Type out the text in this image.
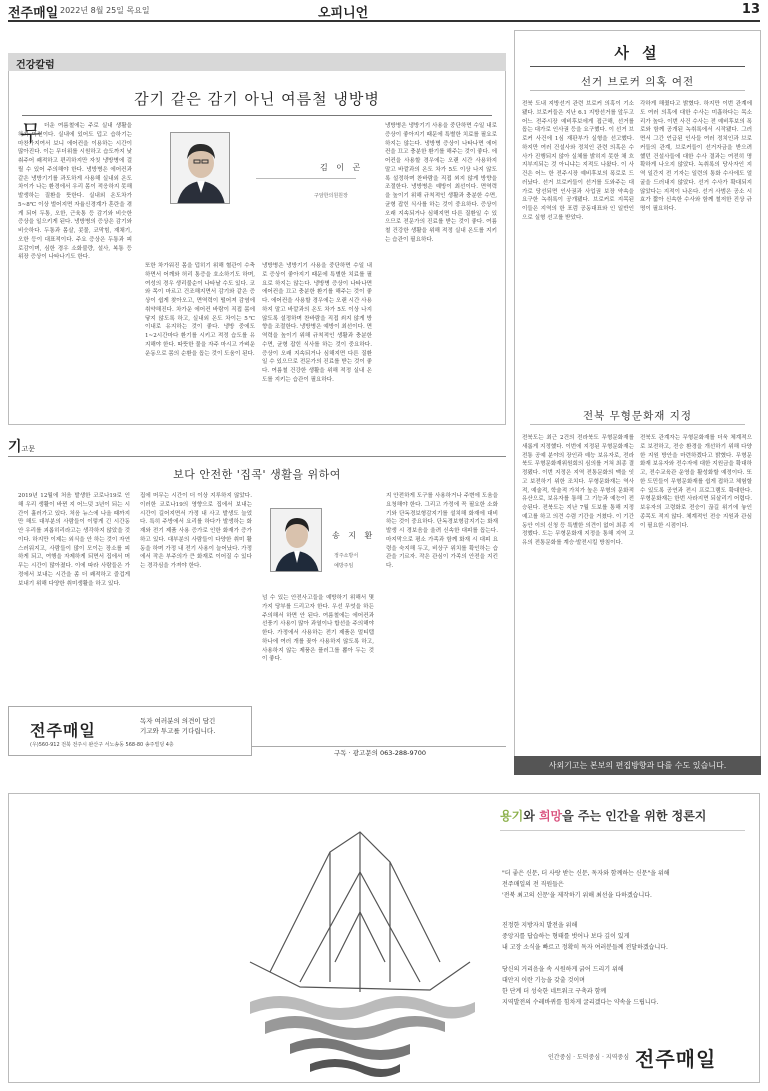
전주매일 2022년 8월 25일 목요일	오피니언	13
건강칼럼
감기 같은 감기 아닌 여름철 냉방병
무 더운 여름철에는 주로 실내 생활을 하기 마련이다. 실내에 있어도 덥고 습하기는 마찬가지여서 보니 에어컨을 이용하는 시간이 많아진다. 이는 무더위를 시원하고 습도까지 낮춰주어 쾌적하고 편리하지만 자칫 냉방병에 걸릴 수 있어 주의해야 한다. 냉방병은 에어컨과 같은 냉방기기를 과도하게 사용해 실내외 온도 차이가 나는 환경에서 우리 몸이 적응하지 못해 발생하는 질환을 뜻한다. 실내외 온도차가 5~8℃ 이상 벌어지면 자율신경계가 혼란을 겪게 되어 두통, 오한, 근육통 등 감기와 비슷한 증상을 일으키게 된다. 냉방병의 증상은 감기와 비슷하다. 두통과 몸살, 콧물, 코막힘, 재채기, 오한 등이 대표적이다. 주요 증상은 두통과 피로감이며, 심한 경우 소화불량, 설사, 복통 등 위장 증상이 나타나기도 한다.
김 이 곤
구암한의원원장
또한 차가워진 몸을 덥히기 위해 혈관이 수축하면서 어깨와 허리 통증을 호소하기도 하며, 여성의 경우 생리불순이 나타날 수도 있다. 코와 목이 마르고 건조해지면서 감기와 같은 증상이 쉽게 찾아오고, 면역력이 떨어져 감염에 취약해진다. 차가운 에어컨 바람이 직접 몸에 닿지 않도록 하고, 실내외 온도 차이는 5℃ 이내로 유지하는 것이 좋다. 냉방 중에도 1~2시간마다 환기를 시키고 적정 습도를 유지해야 한다. 따뜻한 물을 자주 마시고 가벼운 운동으로 몸의 순환을 돕는 것이 도움이 된다.
냉방병은 냉방기기 사용을 중단하면 수일 내로 증상이 좋아지기 때문에 특별한 치료를 필요로 하지는 않는다. 냉방병 증상이 나타나면 에어컨을 끄고 충분한 환기를 해주는 것이 좋다. 에어컨을 사용할 경우에는 오랜 시간 사용하지 말고 바깥과의 온도 차가 5도 이상 나지 않도록 설정하며 찬바람을 직접 쐬지 않게 방향을 조절한다. 냉방병은 예방이 최선이다. 면역력을 높이기 위해 규칙적인 생활과 충분한 수면, 균형 잡힌 식사를 하는 것이 중요하다. 증상이 오래 지속되거나 심해지면 다른 질환일 수 있으므로 전문가의 진료를 받는 것이 좋다. 여름철 건강한 생활을 위해 적정 실내 온도를 지키는 습관이 필요하다.
냉방병은 냉방기기 사용을 중단하면 수일 내로 증상이 좋아지기 때문에 특별한 치료를 필요로 하지는 않는다. 냉방병 증상이 나타나면 에어컨을 끄고 충분한 환기를 해주는 것이 좋다. 에어컨을 사용할 경우에는 오랜 시간 사용하지 말고 바깥과의 온도 차가 5도 이상 나지 않도록 설정하며 찬바람을 직접 쐬지 않게 방향을 조절한다. 냉방병은 예방이 최선이다. 면역력을 높이기 위해 규칙적인 생활과 충분한 수면, 균형 잡힌 식사를 하는 것이 중요하다. 증상이 오래 지속되거나 심해지면 다른 질환일 수 있으므로 전문가의 진료를 받는 것이 좋다. 여름철 건강한 생활을 위해 적정 실내 온도를 지키는 습관이 필요하다.
사 설
선거 브로커 의혹 여전
전북 도내 지방선거 관련 브로커 의혹이 기소됐다. 브로커들은 지난 6.1 지방선거를 앞두고 어느 전주시장 예비후보에게 접근해, 선거를 돕는 대가로 인사권 등을 요구했다. 이 선거 브로커 사건에 1심 재판부가 실형을 선고했다. 하지만 여러 건설사와 정치인 관련 의혹은 수사가 진행되지 않아 실체를 밝히지 못한 채 흐지부지되는 것 아니냐는 지적도 나왔다. 이 사건은 어느 한 전주시장 예비후보의 폭로로 드러났다. 선거 브로커들이 선거를 도와주는 대가로 당선되면 인사권과 사업권 보장 약속을 요구한 녹취록이 공개됐다. 브로커로 지목된 이들은 지역의 한 포럼 공동대표와 인 일반인으로 실형 선고를 받았다.
각하게 해줬다고 밝혔다. 하지만 이번 관계에도 여러 의혹에 대한 수사는 미흡하다는 목소리가 높다. 이번 사건 수사는 전 예비후보의 폭로와 함께 공개된 녹취록에서 시작됐다. 그러면서 그간 언급된 인사들 여러 정치인과 브로커들의 관계, 브로커들이 선거자금을 받으려 했던 건설사들에 대한 수사 결과는 여전히 명확하게 나오지 않았다. 녹취록의 당사자인 지역 일간지 전 기자는 일련의 통화 수사에도 얼굴을 드러내지 않았다. 선거 수사가 확대되지 않았다는 지적이 나온다. 선거 사범은 공소 시효가 짧아 신속한 수사와 함께 철저한 진상 규명이 필요하다.
전북 무형문화재 지정
전북도는 최근 2건의 전라북도 무형문화재를 새롭게 지정했다. 이번에 지정된 무형문화재는 전통 공예 분야의 장인과 예능 보유자로, 전라북도 무형문화재위원회의 심의를 거쳐 최종 결정됐다. 이번 지정은 지역 전통문화의 맥을 잇고 보전하기 위한 조치다. 무형문화재는 역사적, 예술적, 학술적 가치가 높은 무형의 문화적 유산으로, 보유자를 통해 그 기능과 예능이 전승된다. 전북도는 지난 7월 도보를 통해 지정 예고를 하고 의견 수렴 기간을 거쳤다. 이 기간 동안 이의 신청 등 특별한 의견이 없어 최종 지정했다. 도는 무형문화재 지정을 통해 지역 고유의 전통문화를 계승·발전시킬 방침이다.
전북도 관계자는 무형문화재를 더욱 체계적으로 보전하고, 전승 환경을 개선하기 위해 다양한 지원 방안을 마련하겠다고 밝혔다. 무형문화재 보유자와 전수자에 대한 지원금을 확대하고, 전수교육관 운영을 활성화할 예정이다. 또한 도민들이 무형문화재를 쉽게 접하고 체험할 수 있도록 공연과 전시 프로그램도 확대한다. 무형문화재는 한번 사라지면 되살리기 어렵다. 보유자의 고령화로 전승이 끊길 위기에 놓인 종목도 적지 않다. 체계적인 전승 지원과 관심이 필요한 시점이다.
사외기고는 본보의 편집방향과 다를 수도 있습니다.
기고문
보다 안전한 '집콕' 생활을 위하여
2019년 12월에 처음 발생한 코로나19로 인해 우리 생활이 바뀐 지 어느덧 3년이 되는 시간이 흘러가고 있다. 처음 뉴스에 나올 때까지만 해도 대부분의 사람들이 이렇게 긴 시간동안 우리를 괴롭히리라고는 생각하지 않았을 것이다. 하지만 이제는 외식을 안 하는 것이 자연스러워지고, 사람들이 많이 모이는 장소를 피하게 되고, 여행을 자제하게 되면서 집에서 머무는 시간이 많아졌다. 이에 따라 사람들은 가정에서 보내는 시간을 좀 더 쾌적하고 즐겁게 보내기 위해 다양한 취미생활을 하고 있다.
집에 머무는 시간이 더 이상 지루하지 않았다. 이러한 코로나19의 영향으로 집에서 보내는 시간이 길어지면서 가정 내 사고 발생도 늘었다. 특히 주방에서 요리를 하다가 발생하는 화재와 전기 제품 사용 증가로 인한 화재가 증가하고 있다. 대부분의 사람들이 다양한 취미 활동을 하며 가정 내 전기 사용이 늘어났다. 가정에서 작은 부주의가 큰 화재로 이어질 수 있다는 경각심을 가져야 한다.
송 지 환
정주소방서
예방주임
넘 수 있는 안전사고들을 예방하기 위해서 몇 가지 당부를 드리고자 한다. 우선 무엇을 하든 주의해서 하면 안 된다. 여름철에는 에어컨과 선풍기 사용이 많아 과열이나 합선을 주의해야 한다. 가정에서 사용하는 전기 제품은 멀티탭 하나에 여러 개를 꽂아 사용하지 않도록 하고, 사용하지 않는 제품은 플러그를 뽑아 두는 것이 좋다.
지 안전하게 도구를 사용하거나 주변에 도움을 요청해야 한다. 그리고 가정에 꼭 필요한 소화기와 단독경보형감지기를 설치해 화재에 대비하는 것이 중요하다. 단독경보형감지기는 화재 발생 시 경보음을 울려 신속한 대피를 돕는다. 마지막으로 평소 가족과 함께 화재 시 대피 요령을 숙지해 두고, 비상구 위치를 확인하는 습관을 기르자. 작은 관심이 가족의 안전을 지킨다.
전주매일	독자 여러분의 의견이 담긴
기고와 투고를 기다립니다.
(우)560-912 전북 전주시 완산구 서노송동 568-80 송주빌딩 4층
구독 · 광고문의 063-288-9700
용기와 희망을 주는 인간을 위한 정론지
"더 좋은 신문, 더 사랑 받는 신문, 독자와 함께하는 신문"을 위해
전주매일의 전 직원들은
'전북 최고의 신문'을 제작하기 위해 최선을 다하겠습니다.
진정한 지방자치 발전을 위해
중앙지를 답습하는 형태를 벗어나 보다 깊이 있게
내 고장 소식을 빠르고 정확히 독자 여러분들께 전달하겠습니다.
당신의 거리음을 속 시원하게 긁어 드리기 위해
대안지 이란 기능을 갖출 것이며
한 단계 더 성숙한 네트워크 구축과 함께
지역발전의 수레바퀴를 힘차게 굴리겠다는 약속을 드립니다.
인간중심 · 도덕중심 · 지역중심 전주매일
